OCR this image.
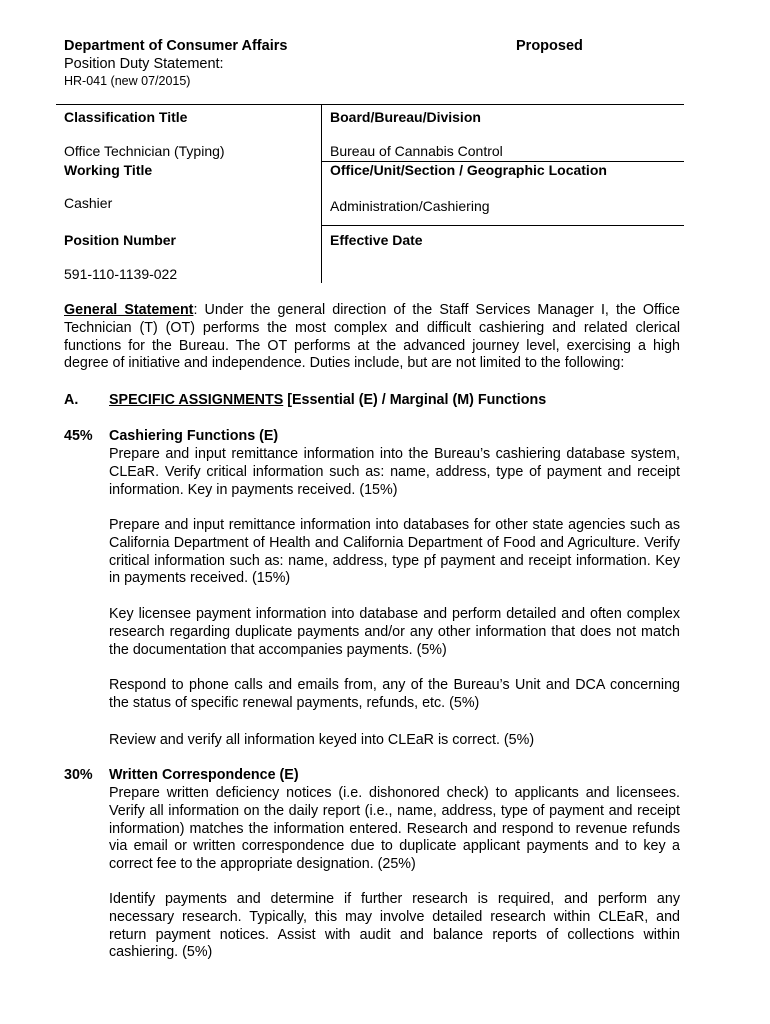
Department of Consumer Affairs	Proposed
Position Duty Statement:
HR-041 (new 07/2015)
Classification Title
Office Technician (Typing)
Working Title
Cashier
Position Number
591-110-1139-022
Board/Bureau/Division
Bureau of Cannabis Control
Office/Unit/Section / Geographic Location
Administration/Cashiering
Effective Date
General Statement: Under the general direction of the Staff Services Manager I, the Office Technician (T) (OT) performs the most complex and difficult cashiering and related clerical functions for the Bureau. The OT performs at the advanced journey level, exercising a high degree of initiative and independence. Duties include, but are not limited to the following:
A. SPECIFIC ASSIGNMENTS [Essential (E) / Marginal (M) Functions
45% Cashiering Functions (E)
Prepare and input remittance information into the Bureau’s cashiering database system, CLEaR. Verify critical information such as: name, address, type of payment and receipt information. Key in payments received. (15%)
Prepare and input remittance information into databases for other state agencies such as California Department of Health and California Department of Food and Agriculture. Verify critical information such as: name, address, type pf payment and receipt information. Key in payments received. (15%)
Key licensee payment information into database and perform detailed and often complex research regarding duplicate payments and/or any other information that does not match the documentation that accompanies payments. (5%)
Respond to phone calls and emails from, any of the Bureau’s Unit and DCA concerning the status of specific renewal payments, refunds, etc. (5%)
Review and verify all information keyed into CLEaR is correct. (5%)
30% Written Correspondence (E)
Prepare written deficiency notices (i.e. dishonored check) to applicants and licensees. Verify all information on the daily report (i.e., name, address, type of payment and receipt information) matches the information entered. Research and respond to revenue refunds via email or written correspondence due to duplicate applicant payments and to key a correct fee to the appropriate designation. (25%)
Identify payments and determine if further research is required, and perform any necessary research. Typically, this may involve detailed research within CLEaR, and return payment notices. Assist with audit and balance reports of collections within cashiering. (5%)
